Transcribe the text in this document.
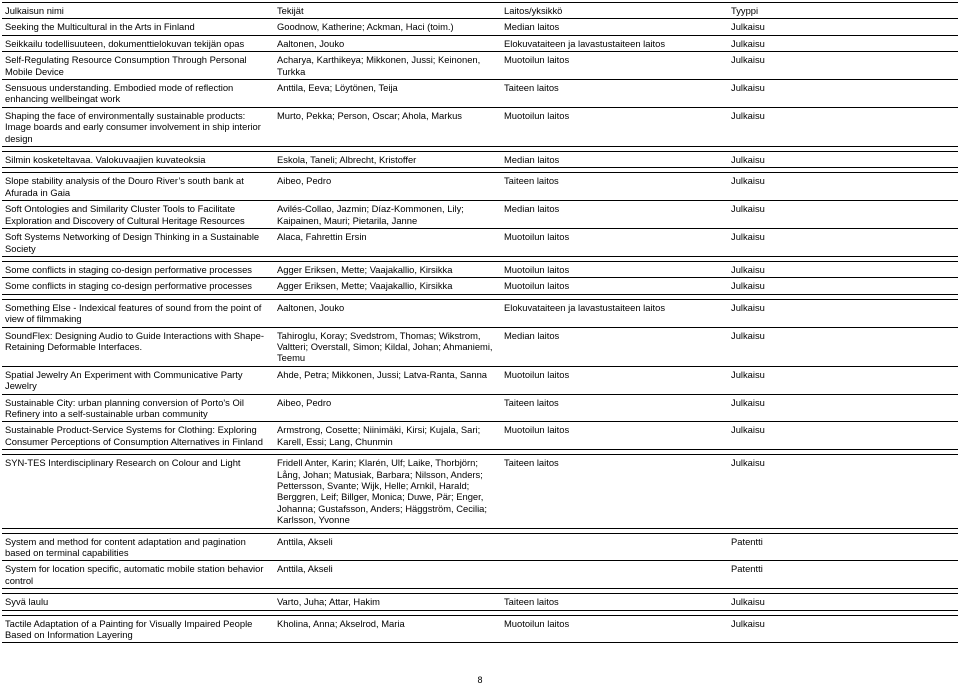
Julkaisun nimi	Tekijät	Laitos/yksikkö	Tyyppi
Seeking the Multicultural in the Arts in Finland	Goodnow, Katherine; Ackman, Haci (toim.)	Median laitos	Julkaisu
Seikkailu todellisuuteen, dokumenttielokuvan tekijän opas	Aaltonen, Jouko	Elokuvataiteen ja lavastustaiteen laitos	Julkaisu
Self-Regulating Resource Consumption Through Personal Mobile Device	Acharya, Karthikeya; Mikkonen, Jussi; Keinonen, Turkka	Muotoilun laitos	Julkaisu
Sensuous understanding. Embodied mode of reflection enhancing wellbeingat work	Anttila, Eeva; Löytönen, Teija	Taiteen laitos	Julkaisu
Shaping the face of environmentally sustainable products: Image boards and early consumer involvement in ship interior design	Murto, Pekka; Person, Oscar; Ahola, Markus	Muotoilun laitos	Julkaisu

Silmin kosketeltavaa. Valokuvaajien kuvateoksia	Eskola, Taneli; Albrecht, Kristoffer	Median laitos	Julkaisu

Slope stability analysis of the Douro River’s south bank at Afurada in Gaia	Aibeo, Pedro	Taiteen laitos	Julkaisu
Soft Ontologies and Similarity Cluster Tools to Facilitate Exploration and Discovery of Cultural Heritage Resources	Avilés-Collao, Jazmin; Díaz-Kommonen, Lily; Kaipainen, Mauri; Pietarila, Janne	Median laitos	Julkaisu
Soft Systems Networking of Design Thinking in a Sustainable Society	Alaca, Fahrettin Ersin	Muotoilun laitos	Julkaisu

Some conflicts in staging co-design performative processes	Agger Eriksen, Mette; Vaajakallio, Kirsikka	Muotoilun laitos	Julkaisu
Some conflicts in staging co-design performative processes	Agger Eriksen, Mette; Vaajakallio, Kirsikka	Muotoilun laitos	Julkaisu

Something Else - Indexical features of sound from the point of view of filmmaking	Aaltonen, Jouko	Elokuvataiteen ja lavastustaiteen laitos	Julkaisu
SoundFlex: Designing Audio to Guide Interactions with Shape-Retaining Deformable Interfaces.	Tahiroglu, Koray; Svedstrom, Thomas; Wikstrom, Valtteri; Overstall, Simon; Kildal, Johan; Ahmaniemi, Teemu	Median laitos	Julkaisu
Spatial Jewelry An Experiment with Communicative Party Jewelry	Ahde, Petra; Mikkonen, Jussi; Latva-Ranta, Sanna	Muotoilun laitos	Julkaisu
Sustainable City: urban planning conversion of Porto's Oil Refinery into a self-sustainable urban community	Aibeo, Pedro	Taiteen laitos	Julkaisu
Sustainable Product-Service Systems for Clothing: Exploring Consumer Perceptions of Consumption Alternatives in Finland	Armstrong, Cosette; Niinimäki, Kirsi; Kujala, Sari; Karell, Essi; Lang, Chunmin	Muotoilun laitos	Julkaisu

SYN-TES Interdisciplinary Research on Colour and Light	Fridell Anter, Karin; Klarén, Ulf; Laike, Thorbjörn; Lång, Johan; Matusiak, Barbara; Nilsson, Anders; Pettersson, Svante; Wijk, Helle; Arnkil, Harald; Berggren, Leif; Billger, Monica; Duwe, Pär; Enger, Johanna; Gustafsson, Anders; Häggström, Cecilia; Karlsson, Yvonne	Taiteen laitos	Julkaisu

System and method for content adaptation and pagination based on terminal capabilities	Anttila, Akseli		Patentti
System for location specific, automatic mobile station behavior control	Anttila, Akseli		Patentti

Syvä laulu	Varto, Juha; Attar, Hakim	Taiteen laitos	Julkaisu

Tactile Adaptation of a Painting for Visually Impaired People Based on Information Layering	Kholina, Anna; Akselrod, Maria	Muotoilun laitos	Julkaisu
8
